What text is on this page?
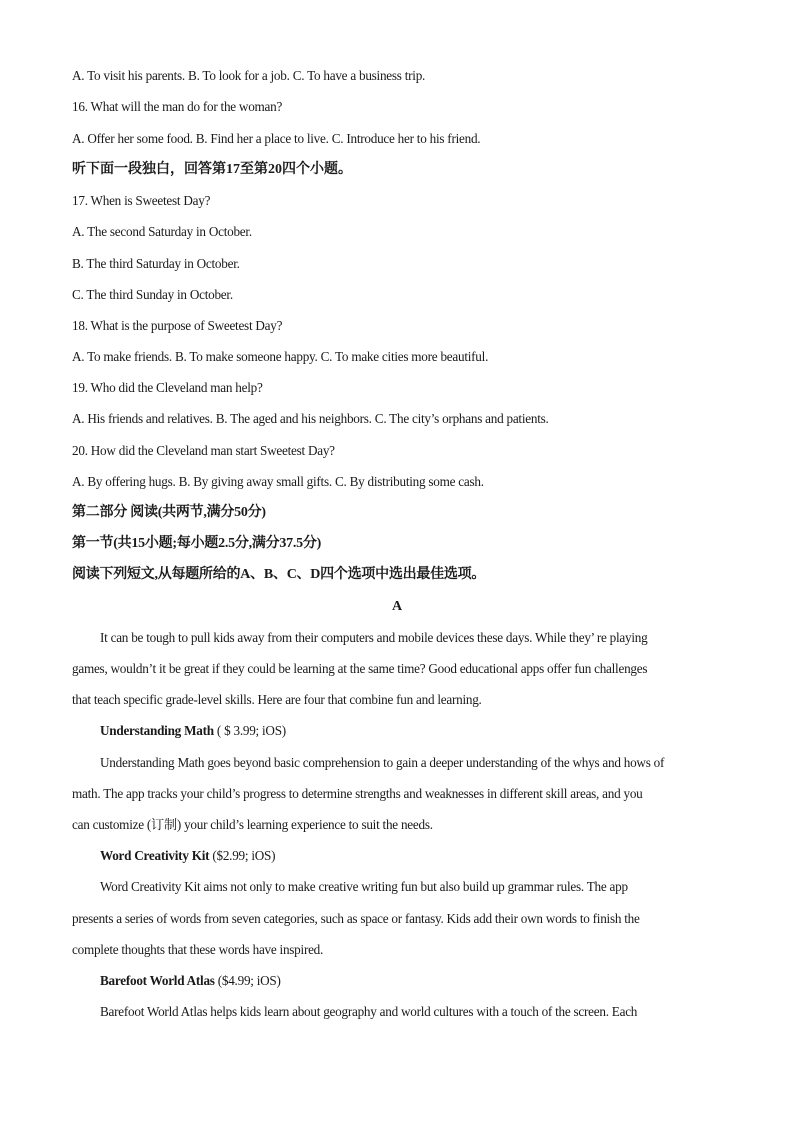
A. To visit his parents. B. To look for a job. C. To have a business trip.
16. What will the man do for the woman?
A. Offer her some food. B. Find her a place to live. C. Introduce her to his friend.
听下面一段独白，回答第17至第20四个小题。
17. When is Sweetest Day?
A. The second Saturday in October.
B. The third Saturday in October.
C. The third Sunday in October.
18. What is the purpose of Sweetest Day?
A. To make friends. B. To make someone happy. C. To make cities more beautiful.
19. Who did the Cleveland man help?
A. His friends and relatives. B. The aged and his neighbors. C. The city’s orphans and patients.
20. How did the Cleveland man start Sweetest Day?
A. By offering hugs. B. By giving away small gifts. C. By distributing some cash.
第二部分 阅读(共两节,满分50分)
第一节(共15小题;每小题2.5分,满分37.5分)
阅读下列短文,从每题所给的A、B、C、D四个选项中选出最佳选项。
A
It can be tough to pull kids away from their computers and mobile devices these days. While they’ re playing
games, wouldn’t it be great if they could be learning at the same time? Good educational apps offer fun challenges
that teach specific grade-level skills. Here are four that combine fun and learning.
Understanding Math ( $ 3.99; iOS)
Understanding Math goes beyond basic comprehension to gain a deeper understanding of the whys and hows of
math. The app tracks your child’s progress to determine strengths and weaknesses in different skill areas, and you
can customize (订制) your child’s learning experience to suit the needs.
Word Creativity Kit ($2.99; iOS)
Word Creativity Kit aims not only to make creative writing fun but also build up grammar rules. The app
presents a series of words from seven categories, such as space or fantasy. Kids add their own words to finish the
complete thoughts that these words have inspired.
Barefoot World Atlas ($4.99; iOS)
Barefoot World Atlas helps kids learn about geography and world cultures with a touch of the screen. Each
